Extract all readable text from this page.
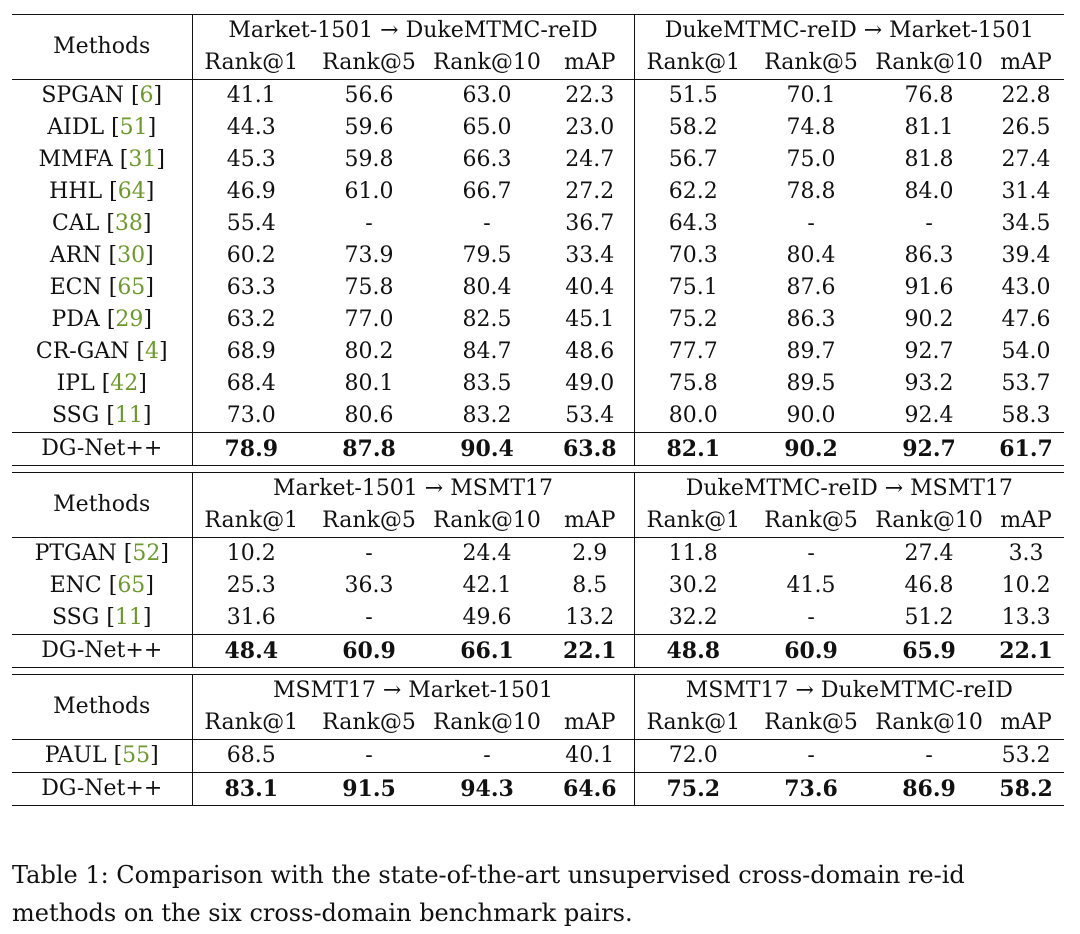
Methods	Market-1501 → DukeMTMC-reID				DukeMTMC-reID → Market-1501			
	Rank@1	Rank@5	Rank@10	mAP	Rank@1	Rank@5	Rank@10	mAP
SPGAN [6]	41.1	56.6	63.0	22.3	51.5	70.1	76.8	22.8
AIDL [51]	44.3	59.6	65.0	23.0	58.2	74.8	81.1	26.5
MMFA [31]	45.3	59.8	66.3	24.7	56.7	75.0	81.8	27.4
HHL [64]	46.9	61.0	66.7	27.2	62.2	78.8	84.0	31.4
CAL [38]	55.4	-	-	36.7	64.3	-	-	34.5
ARN [30]	60.2	73.9	79.5	33.4	70.3	80.4	86.3	39.4
ECN [65]	63.3	75.8	80.4	40.4	75.1	87.6	91.6	43.0
PDA [29]	63.2	77.0	82.5	45.1	75.2	86.3	90.2	47.6
CR-GAN [4]	68.9	80.2	84.7	48.6	77.7	89.7	92.7	54.0
IPL [42]	68.4	80.1	83.5	49.0	75.8	89.5	93.2	53.7
SSG [11]	73.0	80.6	83.2	53.4	80.0	90.0	92.4	58.3
DG-Net++	78.9	87.8	90.4	63.8	82.1	90.2	92.7	61.7
Methods	Market-1501 → MSMT17				DukeMTMC-reID → MSMT17			
	Rank@1	Rank@5	Rank@10	mAP	Rank@1	Rank@5	Rank@10	mAP
PTGAN [52]	10.2	-	24.4	2.9	11.8	-	27.4	3.3
ENC [65]	25.3	36.3	42.1	8.5	30.2	41.5	46.8	10.2
SSG [11]	31.6	-	49.6	13.2	32.2	-	51.2	13.3
DG-Net++	48.4	60.9	66.1	22.1	48.8	60.9	65.9	22.1
Methods	MSMT17 → Market-1501				MSMT17 → DukeMTMC-reID			
	Rank@1	Rank@5	Rank@10	mAP	Rank@1	Rank@5	Rank@10	mAP
PAUL [55]	68.5	-	-	40.1	72.0	-	-	53.2
DG-Net++	83.1	91.5	94.3	64.6	75.2	73.6	86.9	58.2
Table 1: Comparison with the state-of-the-art unsupervised cross-domain re-id methods on the six cross-domain benchmark pairs.
